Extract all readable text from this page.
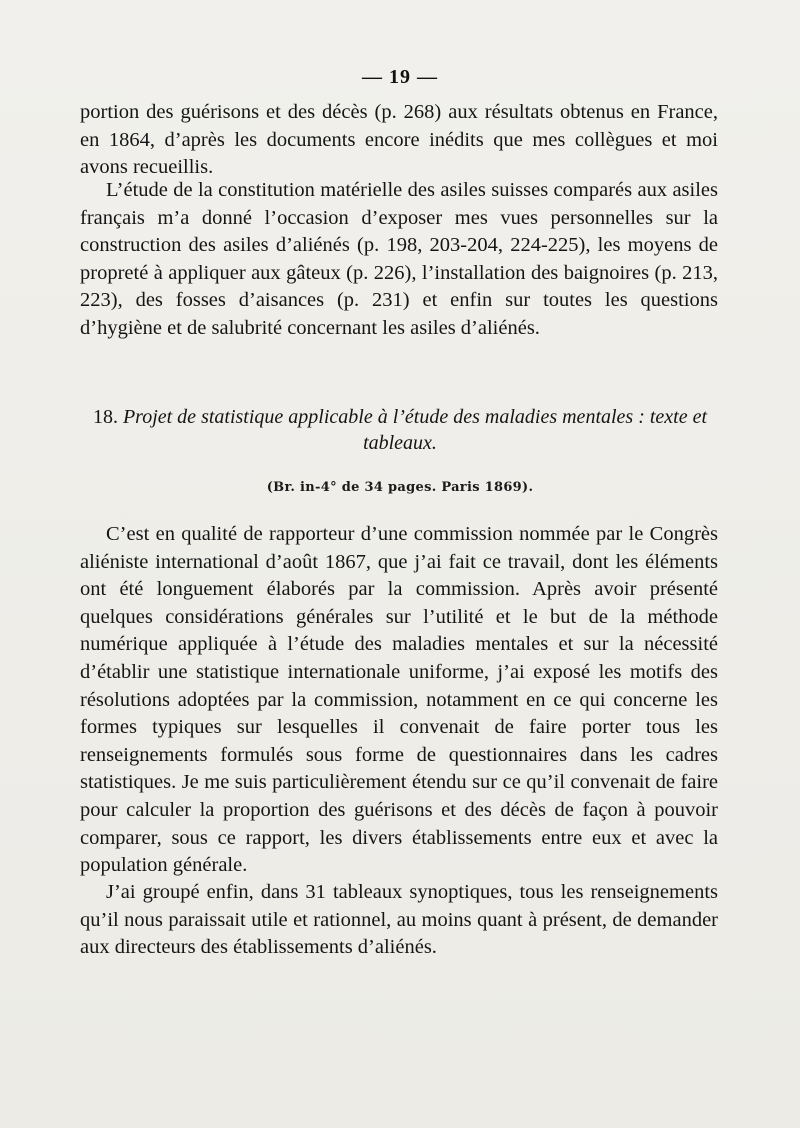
— 19 —

portion des guérisons et des décès (p. 268) aux résultats obtenus en France, en 1864, d’après les documents encore inédits que mes collègues et moi avons recueillis.

L’étude de la constitution matérielle des asiles suisses comparés aux asiles français m’a donné l’occasion d’exposer mes vues personnelles sur la construction des asiles d’aliénés (p. 198, 203-204, 224-225), les moyens de propreté à appliquer aux gâteux (p. 226), l’installation des baignoires (p. 213, 223), des fosses d’aisances (p. 231) et enfin sur toutes les questions d’hygiène et de salubrité concernant les asiles d’aliénés.

18. Projet de statistique applicable à l’étude des maladies mentales : texte et tableaux.
(Br. in-4° de 34 pages. Paris 1869).

C’est en qualité de rapporteur d’une commission nommée par le Congrès aliéniste international d’août 1867, que j’ai fait ce travail, dont les éléments ont été longuement élaborés par la commission. Après avoir présenté quelques considérations générales sur l’utilité et le but de la méthode numérique appliquée à l’étude des maladies mentales et sur la nécessité d’établir une statistique internationale uniforme, j’ai exposé les motifs des résolutions adoptées par la commission, notamment en ce qui concerne les formes typiques sur lesquelles il convenait de faire porter tous les renseignements formulés sous forme de questionnaires dans les cadres statistiques. Je me suis particulièrement étendu sur ce qu’il convenait de faire pour calculer la proportion des guérisons et des décès de façon à pouvoir comparer, sous ce rapport, les divers établissements entre eux et avec la population générale.

J’ai groupé enfin, dans 31 tableaux synoptiques, tous les renseignements qu’il nous paraissait utile et rationnel, au moins quant à présent, de demander aux directeurs des établissements d’aliénés.
